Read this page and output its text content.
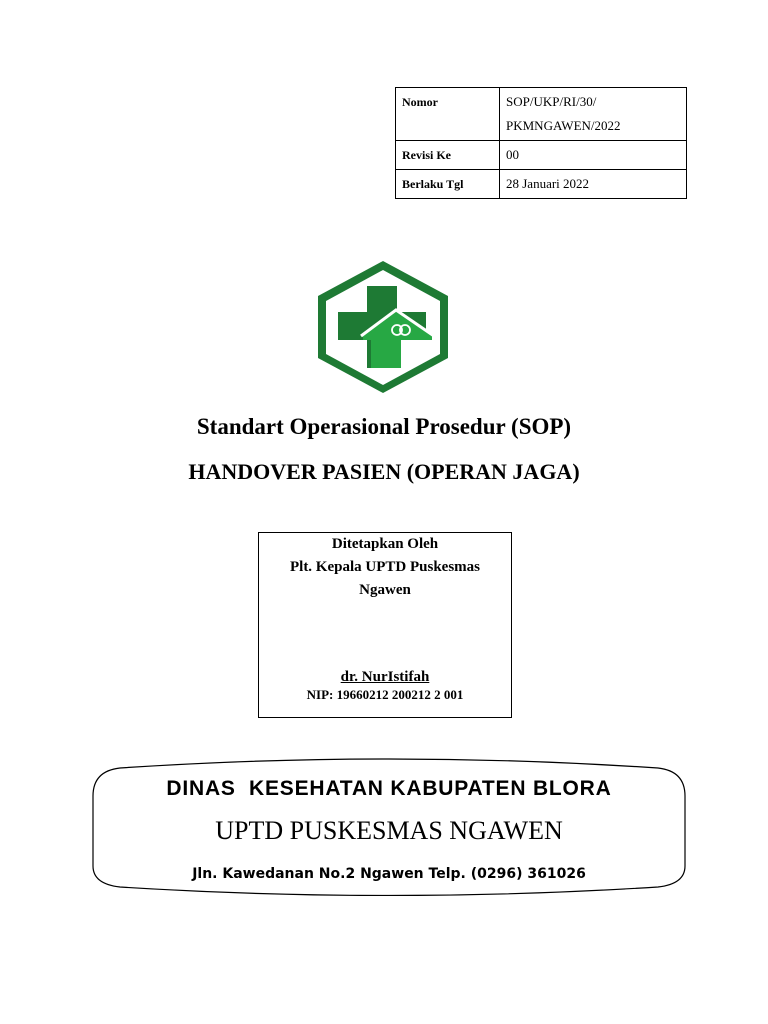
Nomor	SOP/UKP/RI/30/
PKMNGAWEN/2022
Revisi Ke	00
Berlaku Tgl	28 Januari 2022
Standart Operasional Prosedur (SOP)
HANDOVER PASIEN (OPERAN JAGA)
Ditetapkan Oleh
Plt. Kepala UPTD Puskesmas
Ngawen
dr. NurIstifah
NIP: 19660212 200212 2 001

DINAS  KESEHATAN KABUPATEN BLORA

UPTD PUSKESMAS NGAWEN

Jln. Kawedanan No.2 Ngawen Telp. (0296) 361026
